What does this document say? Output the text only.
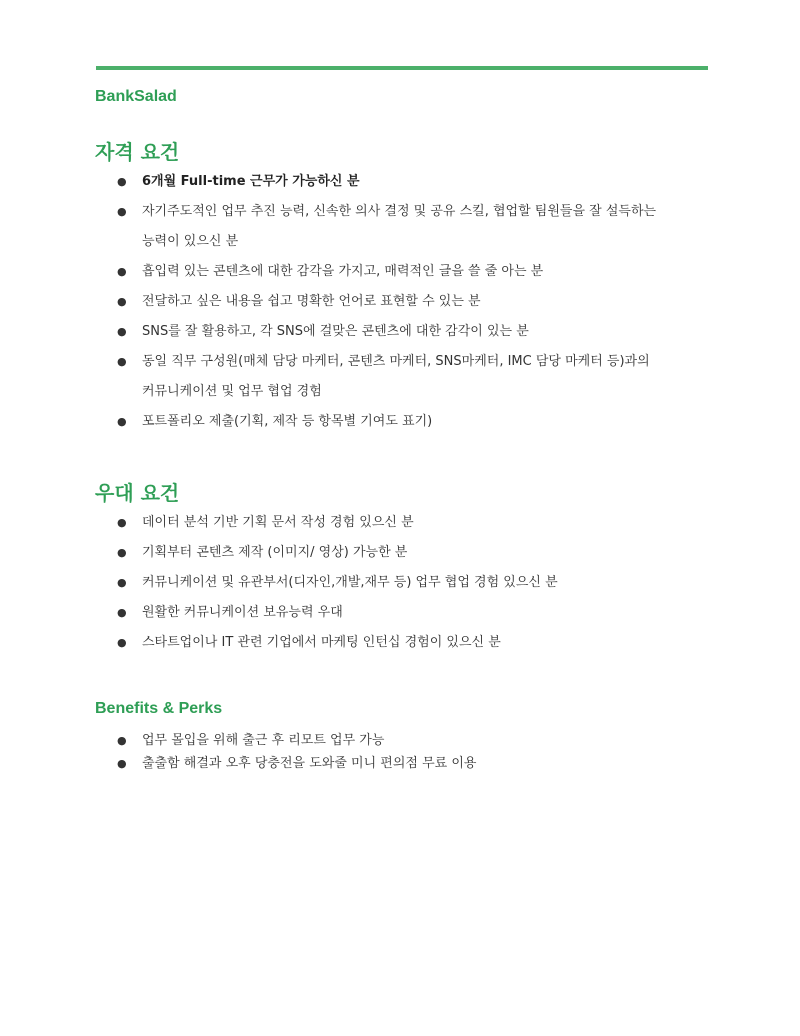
BankSalad
자격 요건
● 6개월 Full-time 근무가 가능하신 분
● 자기주도적인 업무 추진 능력, 신속한 의사 결정 및 공유 스킬, 협업할 팀원들을 잘 설득하는 능력이 있으신 분
● 흡입력 있는 콘텐츠에 대한 감각을 가지고, 매력적인 글을 쓸 줄 아는 분
● 전달하고 싶은 내용을 쉽고 명확한 언어로 표현할 수 있는 분
● SNS를 잘 활용하고, 각 SNS에 걸맞은 콘텐츠에 대한 감각이 있는 분
● 동일 직무 구성원(매체 담당 마케터, 콘텐츠 마케터, SNS마케터, IMC 담당 마케터 등)과의 커뮤니케이션 및 업무 협업 경험
● 포트폴리오 제출(기획, 제작 등 항목별 기여도 표기)
우대 요건
● 데이터 분석 기반 기획 문서 작성 경험 있으신 분
● 기획부터 콘텐츠 제작 (이미지/ 영상) 가능한 분
● 커뮤니케이션 및 유관부서(디자인,개발,재무 등) 업무 협업 경험 있으신 분
● 원활한 커뮤니케이션 보유능력 우대
● 스타트업이나 IT 관련 기업에서 마케팅 인턴십 경험이 있으신 분
Benefits & Perks
● 업무 몰입을 위해 출근 후 리모트 업무 가능
● 출출함 해결과 오후 당충전을 도와줄 미니 편의점 무료 이용
